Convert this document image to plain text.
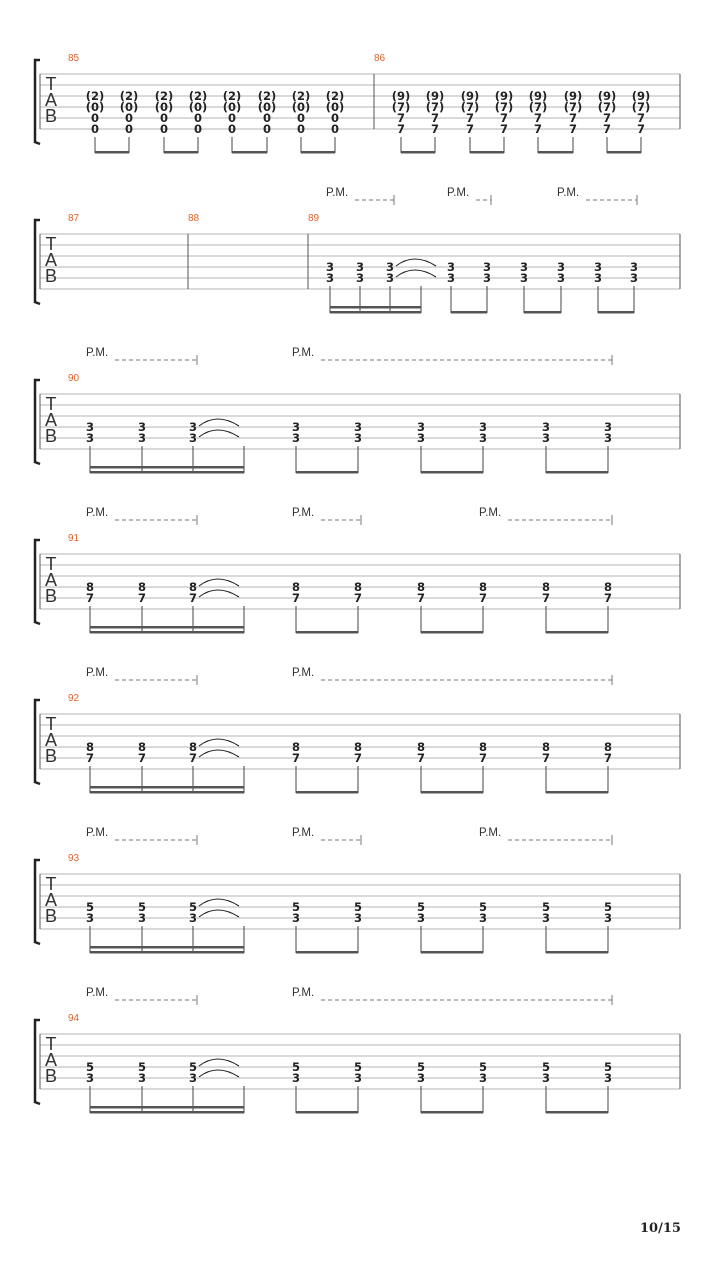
T
A
B
85	86
(2)
(0)
0
0
(2)
(0)
0
0
(2)
(0)
0
0
(2)
(0)
0
0
(2)
(0)
0
0
(2)
(0)
0
0
(2)
(0)
0
0
(2)
(0)
0
0
(9)
(7)
7
7
(9)
(7)
7
7
(9)
(7)
7
7
(9)
(7)
7
7
(9)
(7)
7
7
(9)
(7)
7
7
(9)
(7)
7
7
(9)
(7)
7
7
T
A
B
87	88	89
3
3
3
3
3
3
3
3
3
3
3
3
3
3
3
3
3
3
P.M.	P.M.	P.M.
T
A
B
90
3
3
3
3
3
3
3
3
3
3
3
3
3
3
3
3
3
3
P.M.	P.M.
T
A
B
91
8
7
8
7
8
7
8
7
8
7
8
7
8
7
8
7
8
7
P.M.	P.M.	P.M.
T
A
B
92
8
7
8
7
8
7
8
7
8
7
8
7
8
7
8
7
8
7
P.M.	P.M.
T
A
B
93
5
3
5
3
5
3
5
3
5
3
5
3
5
3
5
3
5
3
P.M.	P.M.	P.M.
T
A
B
94
5
3
5
3
5
3
5
3
5
3
5
3
5
3
5
3
5
3
P.M.	P.M.
10/15
